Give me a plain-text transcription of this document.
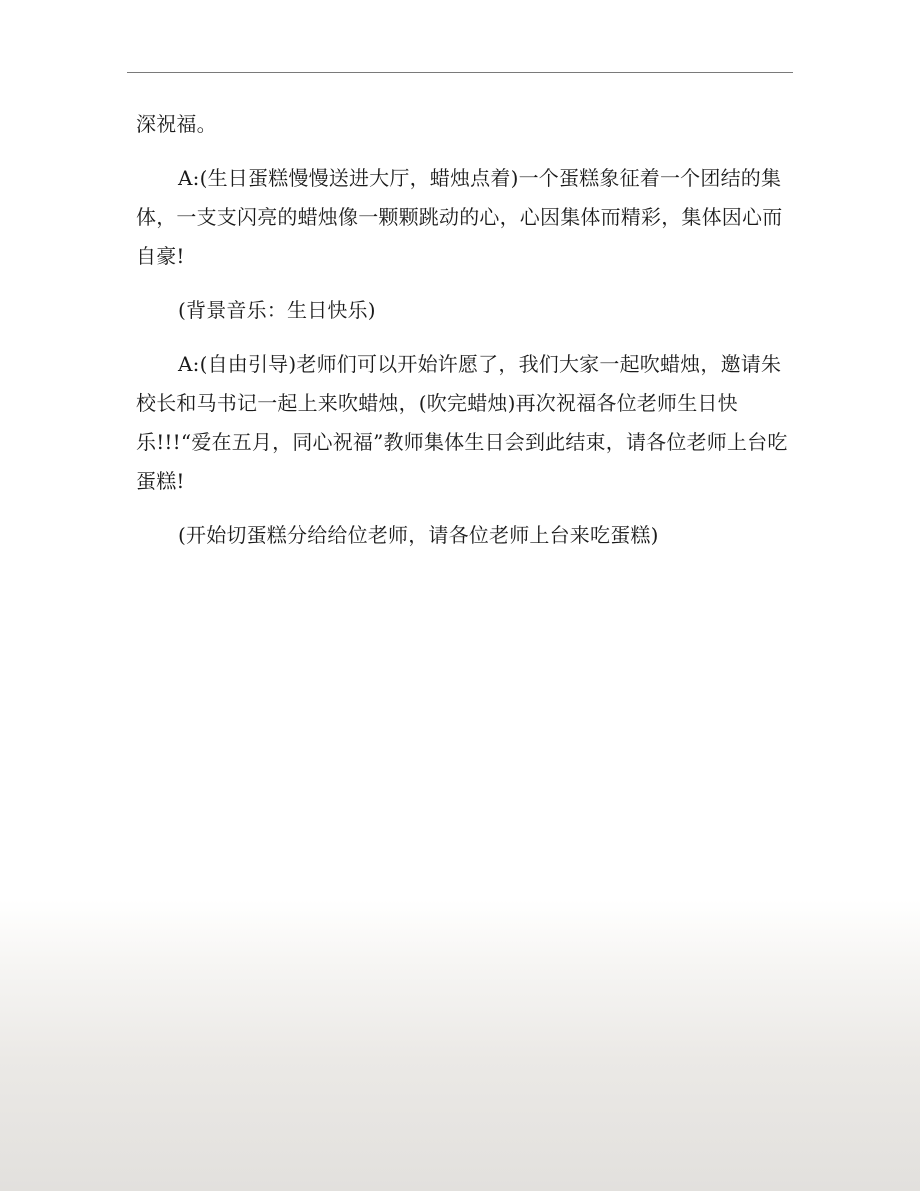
深祝福。

A:(生日蛋糕慢慢送进大厅，蜡烛点着)一个蛋糕象征着一个团结的集体，一支支闪亮的蜡烛像一颗颗跳动的心，心因集体而精彩，集体因心而自豪!

(背景音乐：生日快乐)

A:(自由引导)老师们可以开始许愿了，我们大家一起吹蜡烛，邀请朱校长和马书记一起上来吹蜡烛，(吹完蜡烛)再次祝福各位老师生日快乐!!!“爱在五月，同心祝福”教师集体生日会到此结束，请各位老师上台吃蛋糕!

(开始切蛋糕分给给位老师，请各位老师上台来吃蛋糕)
